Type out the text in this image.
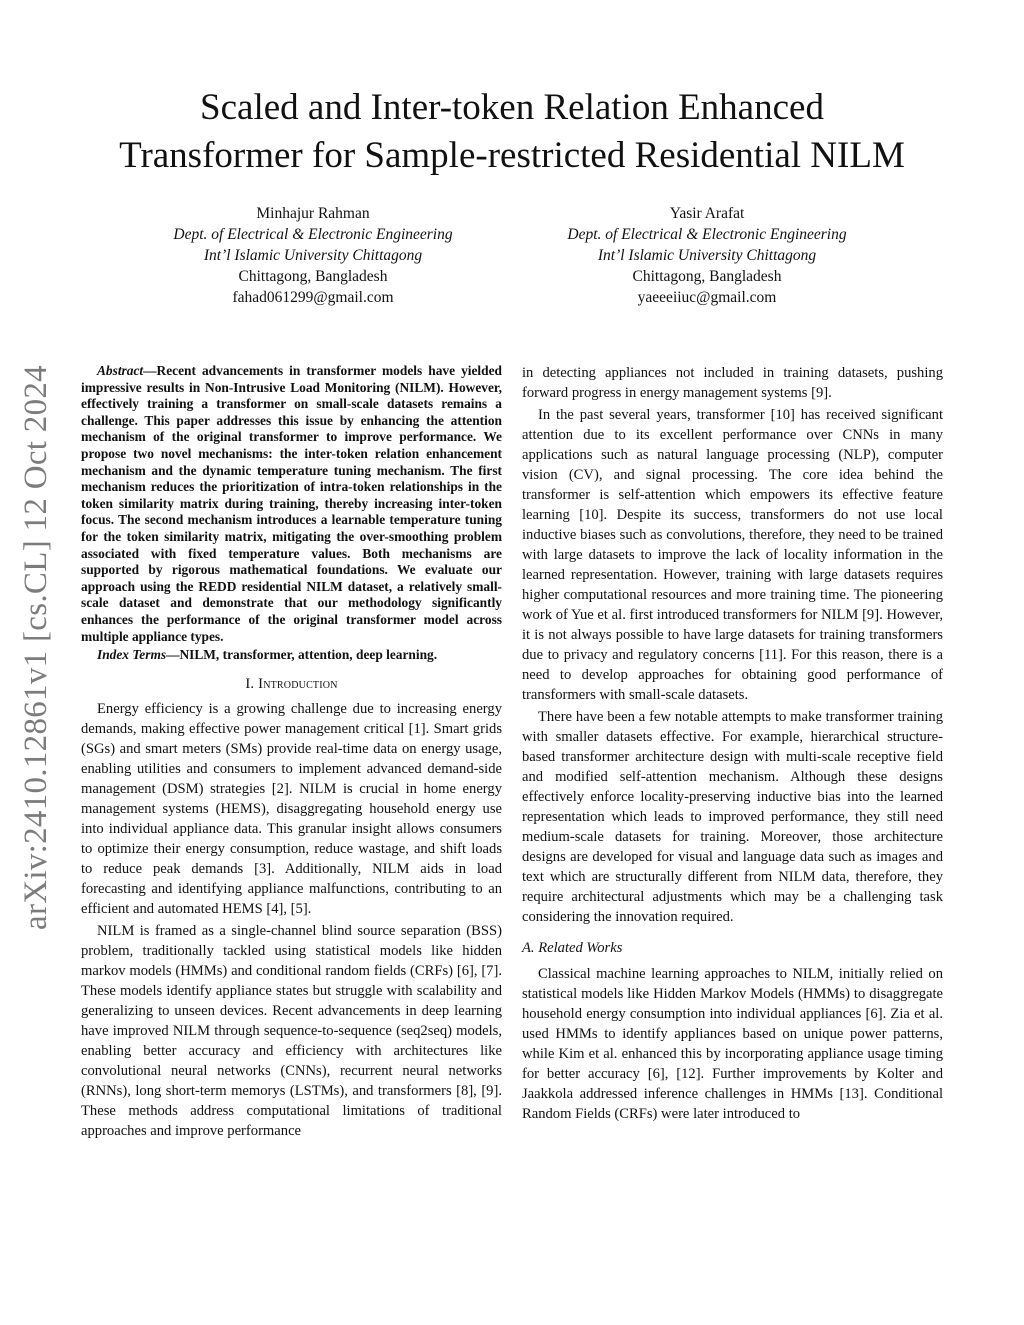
arXiv:2410.12861v1 [cs.CL] 12 Oct 2024
Scaled and Inter-token Relation Enhanced
Transformer for Sample-restricted Residential NILM
Minhajur Rahman
Dept. of Electrical & Electronic Engineering
Int’l Islamic University Chittagong
Chittagong, Bangladesh
fahad061299@gmail.com
Yasir Arafat
Dept. of Electrical & Electronic Engineering
Int’l Islamic University Chittagong
Chittagong, Bangladesh
yaeeeiiuc@gmail.com

Abstract—Recent advancements in transformer models have yielded impressive results in Non-Intrusive Load Monitoring (NILM). However, effectively training a transformer on small-scale datasets remains a challenge. This paper addresses this issue by enhancing the attention mechanism of the original transformer to improve performance. We propose two novel mechanisms: the inter-token relation enhancement mechanism and the dynamic temperature tuning mechanism. The first mechanism reduces the prioritization of intra-token relationships in the token similarity matrix during training, thereby increasing inter-token focus. The second mechanism introduces a learnable temperature tuning for the token similarity matrix, mitigating the over-smoothing problem associated with fixed temperature values. Both mechanisms are supported by rigorous mathematical foundations. We evaluate our approach using the REDD residential NILM dataset, a relatively small-scale dataset and demonstrate that our methodology significantly enhances the performance of the original transformer model across multiple appliance types.

Index Terms—NILM, transformer, attention, deep learning.

I. Introduction

Energy efficiency is a growing challenge due to increasing energy demands, making effective power management critical [1]. Smart grids (SGs) and smart meters (SMs) provide real-time data on energy usage, enabling utilities and consumers to implement advanced demand-side management (DSM) strategies [2]. NILM is crucial in home energy management systems (HEMS), disaggregating household energy use into individual appliance data. This granular insight allows consumers to optimize their energy consumption, reduce wastage, and shift loads to reduce peak demands [3]. Additionally, NILM aids in load forecasting and identifying appliance malfunctions, contributing to an efficient and automated HEMS [4], [5].

NILM is framed as a single-channel blind source separation (BSS) problem, traditionally tackled using statistical models like hidden markov models (HMMs) and conditional random fields (CRFs) [6], [7]. These models identify appliance states but struggle with scalability and generalizing to unseen devices. Recent advancements in deep learning have improved NILM through sequence-to-sequence (seq2seq) models, enabling better accuracy and efficiency with architectures like convolutional neural networks (CNNs), recurrent neural networks (RNNs), long short-term memorys (LSTMs), and transformers [8], [9]. These methods address computational limitations of traditional approaches and improve performance

in detecting appliances not included in training datasets, pushing forward progress in energy management systems [9].

In the past several years, transformer [10] has received significant attention due to its excellent performance over CNNs in many applications such as natural language processing (NLP), computer vision (CV), and signal processing. The core idea behind the transformer is self-attention which empowers its effective feature learning [10]. Despite its success, transformers do not use local inductive biases such as convolutions, therefore, they need to be trained with large datasets to improve the lack of locality information in the learned representation. However, training with large datasets requires higher computational resources and more training time. The pioneering work of Yue et al. first introduced transformers for NILM [9]. However, it is not always possible to have large datasets for training transformers due to privacy and regulatory concerns [11]. For this reason, there is a need to develop approaches for obtaining good performance of transformers with small-scale datasets.

There have been a few notable attempts to make transformer training with smaller datasets effective. For example, hierarchical structure-based transformer architecture design with multi-scale receptive field and modified self-attention mechanism. Although these designs effectively enforce locality-preserving inductive bias into the learned representation which leads to improved performance, they still need medium-scale datasets for training. Moreover, those architecture designs are developed for visual and language data such as images and text which are structurally different from NILM data, therefore, they require architectural adjustments which may be a challenging task considering the innovation required.

A. Related Works

Classical machine learning approaches to NILM, initially relied on statistical models like Hidden Markov Models (HMMs) to disaggregate household energy consumption into individual appliances [6]. Zia et al. used HMMs to identify appliances based on unique power patterns, while Kim et al. enhanced this by incorporating appliance usage timing for better accuracy [6], [12]. Further improvements by Kolter and Jaakkola addressed inference challenges in HMMs [13]. Conditional Random Fields (CRFs) were later introduced to
